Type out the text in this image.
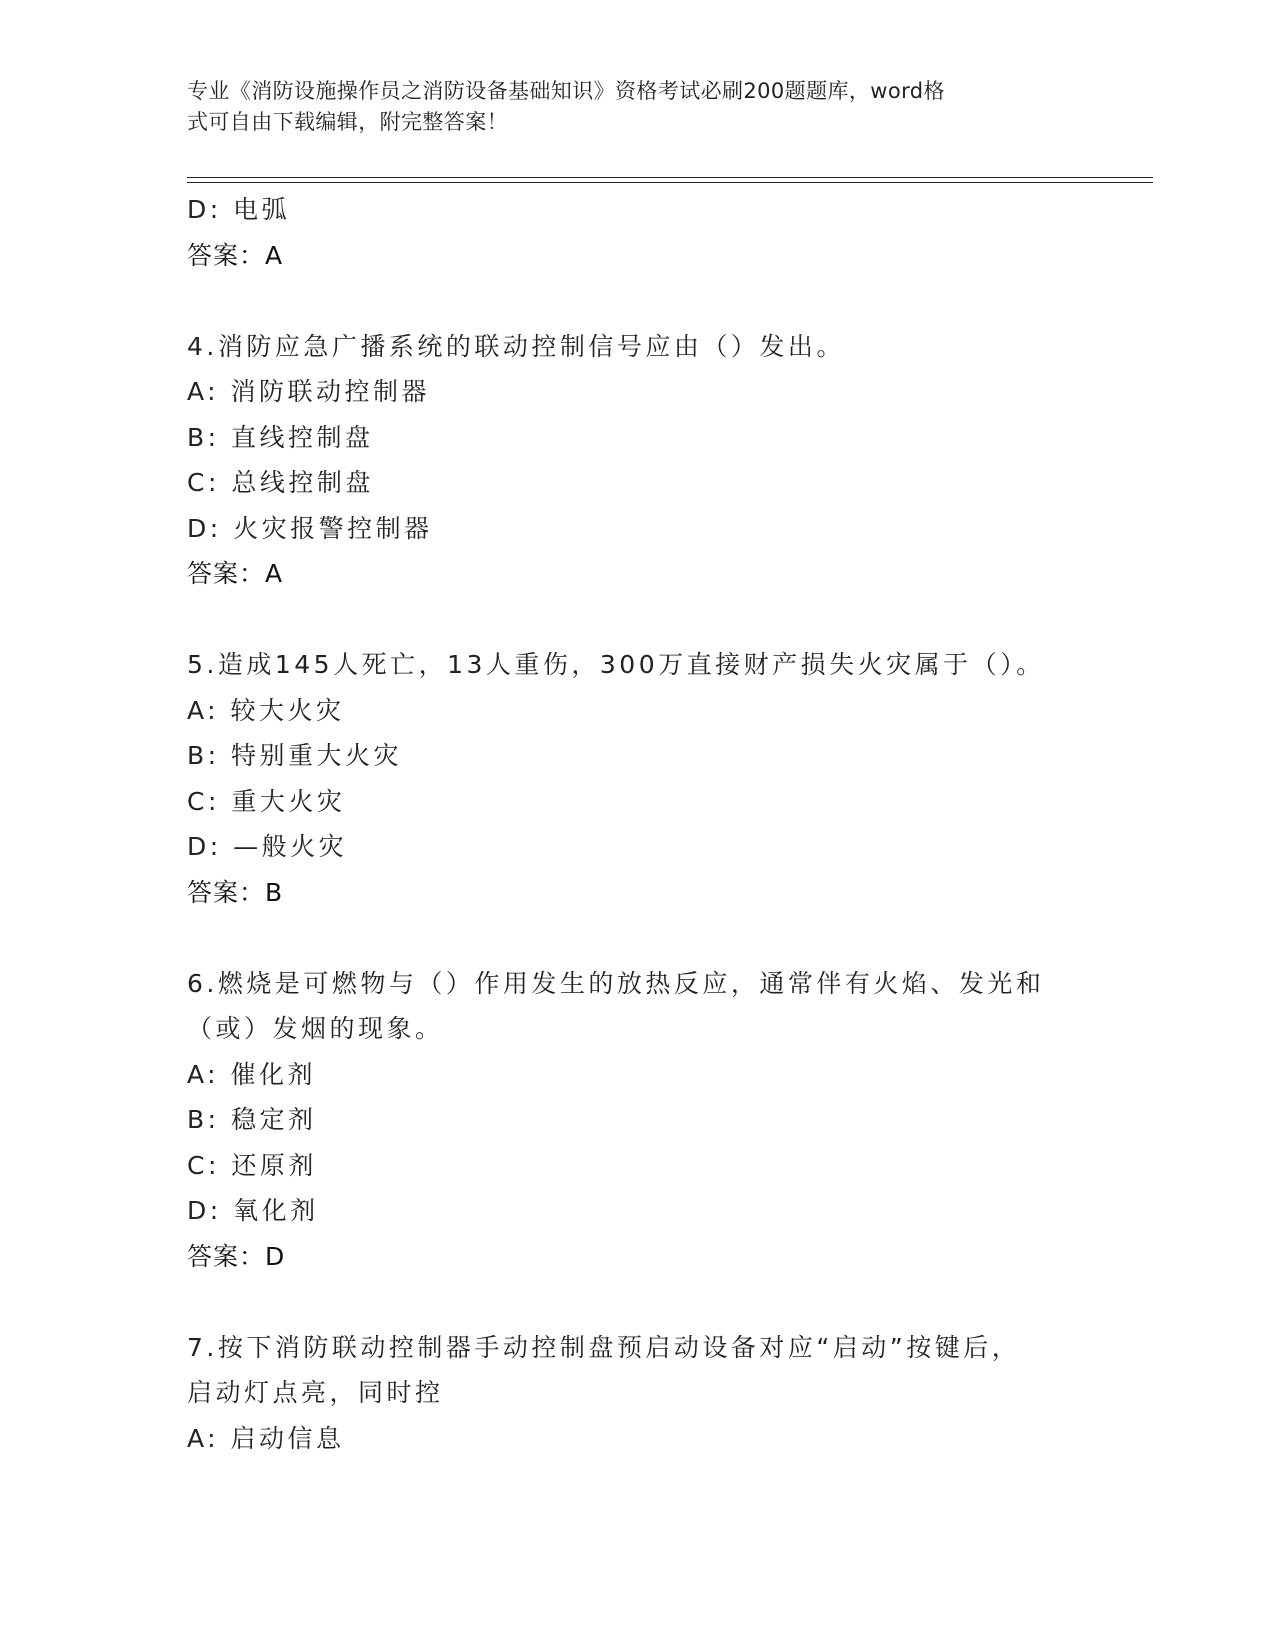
专业《消防设施操作员之消防设备基础知识》资格考试必刷200题题库，word格
式可自由下载编辑，附完整答案！
D: 电弧
答案：A
4.消防应急广播系统的联动控制信号应由（）发出。
A: 消防联动控制器
B: 直线控制盘
C: 总线控制盘
D: 火灾报警控制器
答案：A
5.造成145人死亡，13人重伤，300万直接财产损失火灾属于（）。
A: 较大火灾
B: 特别重大火灾
C: 重大火灾
D: —般火灾
答案：B
6.燃烧是可燃物与（）作用发生的放热反应，通常伴有火焰、发光和
（或）发烟的现象。
A: 催化剂
B: 稳定剂
C: 还原剂
D: 氧化剂
答案：D
7.按下消防联动控制器手动控制盘预启动设备对应“启动”按键后，
启动灯点亮，同时控
A: 启动信息
